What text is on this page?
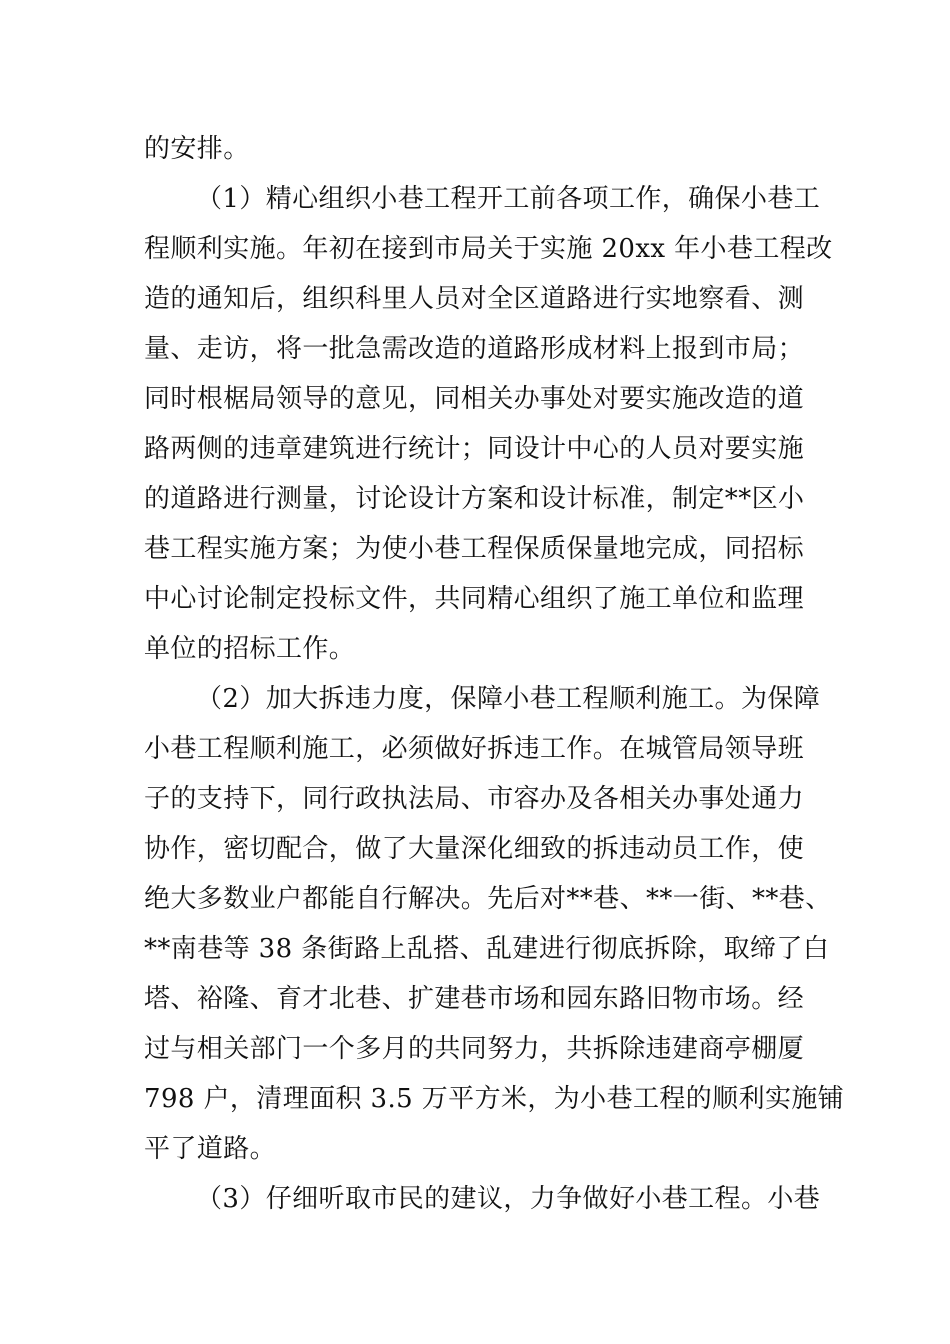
的安排。
（1）精心组织小巷工程开工前各项工作，确保小巷工
程顺利实施。年初在接到市局关于实施 20xx 年小巷工程改
造的通知后，组织科里人员对全区道路进行实地察看、测
量、走访，将一批急需改造的道路形成材料上报到市局；
同时根椐局领导的意见，同相关办事处对要实施改造的道
路两侧的违章建筑进行统计；同设计中心的人员对要实施
的道路进行测量，讨论设计方案和设计标准，制定**区小
巷工程实施方案；为使小巷工程保质保量地完成，同招标
中心讨论制定投标文件，共同精心组织了施工单位和监理
单位的招标工作。
（2）加大拆违力度，保障小巷工程顺利施工。为保障
小巷工程顺利施工，必须做好拆违工作。在城管局领导班
子的支持下，同行政执法局、市容办及各相关办事处通力
协作，密切配合，做了大量深化细致的拆违动员工作，使
绝大多数业户都能自行解决。先后对**巷、**一街、**巷、
**南巷等 38 条街路上乱搭、乱建进行彻底拆除，取缔了白
塔、裕隆、育才北巷、扩建巷市场和园东路旧物市场。经
过与相关部门一个多月的共同努力，共拆除违建商亭棚厦
798 户，清理面积 3.5 万平方米，为小巷工程的顺利实施铺
平了道路。
（3）仔细听取市民的建议，力争做好小巷工程。小巷
